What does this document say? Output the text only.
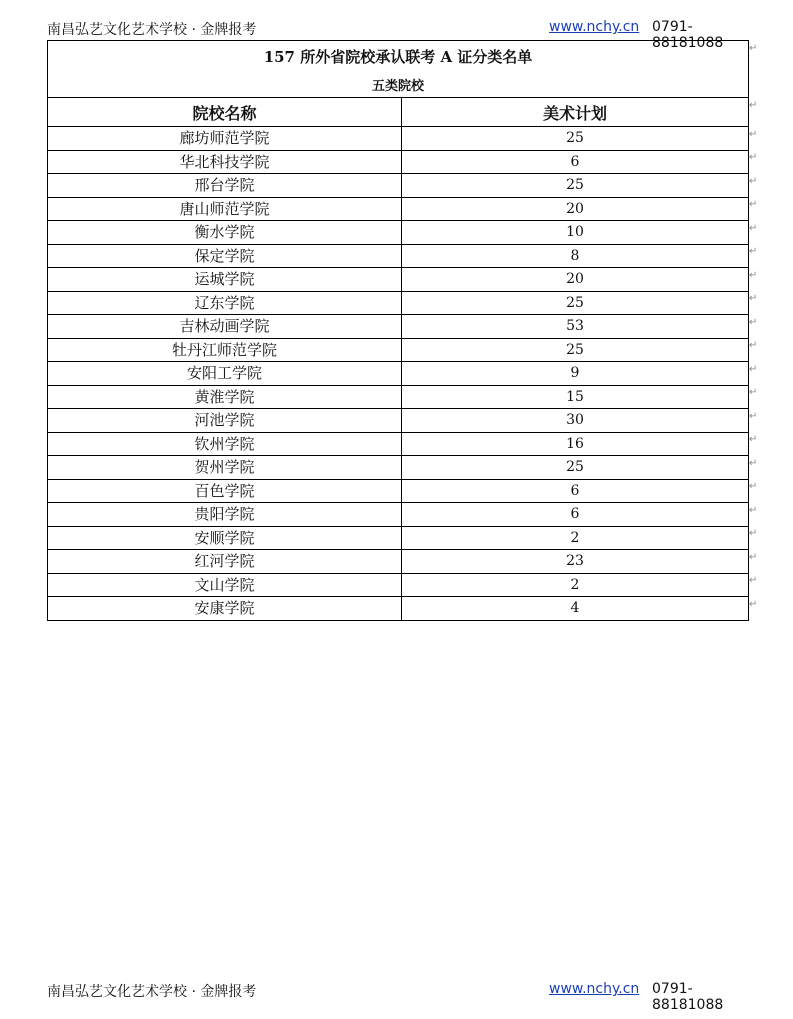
南昌弘艺文化艺术学校 · 金牌报考	www.nchy.cn 0791-88181088
157 所外省院校承认联考 A 证分类名单
五类院校	

院校名称	美术计划
廊坊师范学院	25
华北科技学院	6
邢台学院	25
唐山师范学院	20
衡水学院	10
保定学院	8
运城学院	20
辽东学院	25
吉林动画学院	53
牡丹江师范学院	25
安阳工学院	9
黄淮学院	15
河池学院	30
钦州学院	16
贺州学院	25
百色学院	6
贵阳学院	6
安顺学院	2
红河学院	23
文山学院	2
安康学院	4
↵
↵
↵
↵
↵
↵
↵
↵
↵
↵
↵
↵
↵
↵
↵
↵
↵
↵
↵
↵
↵
↵
↵
南昌弘艺文化艺术学校 · 金牌报考	www.nchy.cn 0791-88181088
